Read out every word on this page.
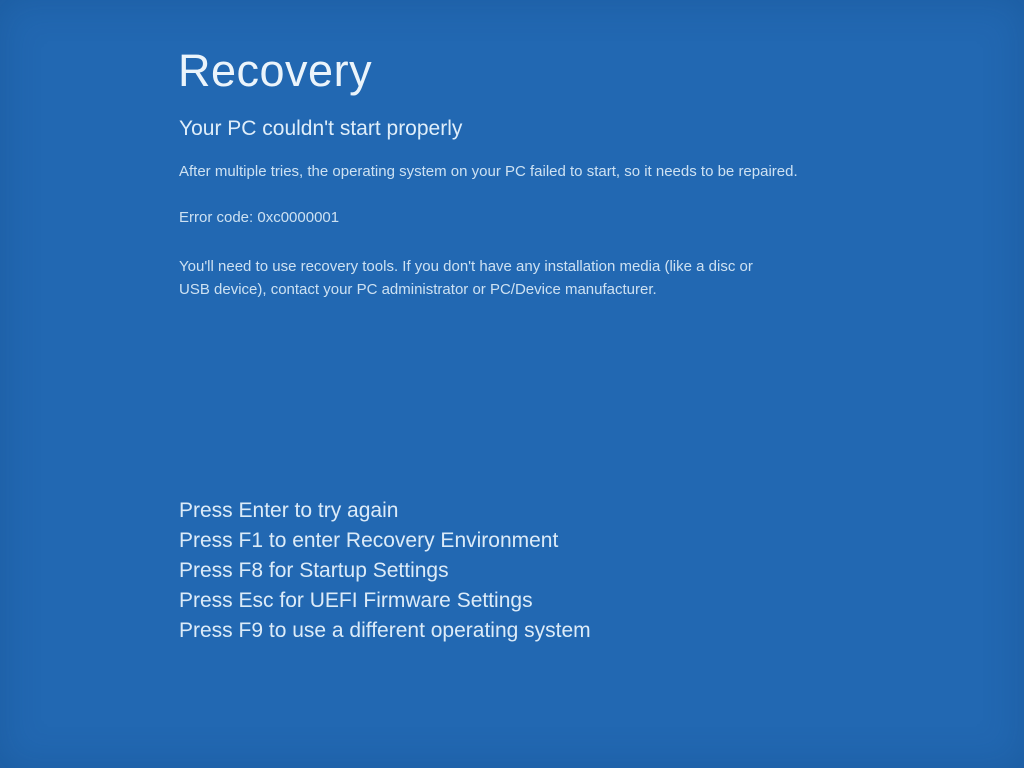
Recovery
Your PC couldn't start properly
After multiple tries, the operating system on your PC failed to start, so it needs to be repaired.
Error code: 0xc0000001
You'll need to use recovery tools. If you don't have any installation media (like a disc or USB device), contact your PC administrator or PC/Device manufacturer.
Press Enter to try again
Press F1 to enter Recovery Environment
Press F8 for Startup Settings
Press Esc for UEFI Firmware Settings
Press F9 to use a different operating system
